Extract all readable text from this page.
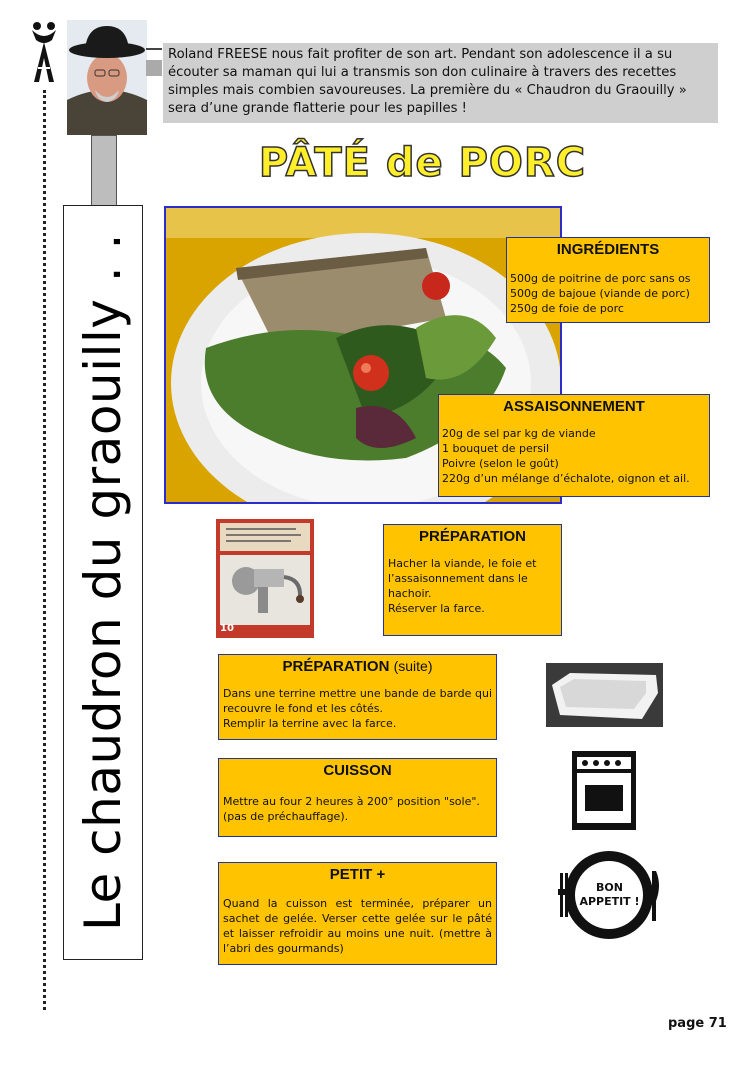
Le chaudron du graouilly . .
Roland FREESE nous fait profiter de son art. Pendant son adolescence il a su écouter sa maman qui lui a transmis son don culinaire à travers des recettes simples mais combien savoureuses. La première du « Chaudron du Graouilly » sera d’une grande flatterie pour les papilles !
PÂTÉ de PORC
INGRÉDIENTS

500g de poitrine de porc sans os

500g de bajoue (viande de porc)

250g de foie de porc

ASSAISONNEMENT

20g de sel par kg de viande

1 bouquet de persil

Poivre (selon le goût)

220g d’un mélange d’échalote, oignon et ail.

10
PRÉPARATION

Hacher la viande, le foie et l’assaisonnement dans le hachoir.

Réserver la farce.

PRÉPARATION (suite)

Dans une terrine mettre une bande de barde qui recouvre le fond et les côtés.

Remplir la terrine avec la farce.

CUISSON

Mettre au four 2 heures à 200° position "sole".

(pas de préchauffage).

PETIT +

Quand la cuisson est terminée, préparer un sachet de gelée. Verser cette gelée sur le pâté et laisser refroidir au moins une nuit. (mettre à l’abri des gourmands)

BON
APPETIT !
page 71
